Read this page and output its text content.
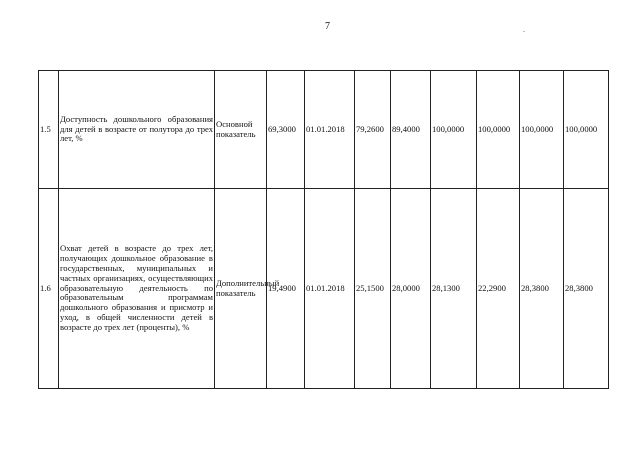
7	.
1.5	Доступность дошкольного образования для детей в возрасте от полутора до трех лет, %	Основной показатель	69,3000	01.01.2018	79,2600	89,4000	100,0000	100,0000	100,0000	100,0000
1.6	Охват детей в возрасте до трех лет, получающих дошкольное образование в государственных, муниципальных и частных организациях, осуществляющих образовательную деятельность по образовательным программам дошкольного образования и присмотр и уход, в общей численности детей в возрасте до трех лет (проценты), %	Дополнительный показатель	19,4900	01.01.2018	25,1500	28,0000	28,1300	22,2900	28,3800	28,3800
